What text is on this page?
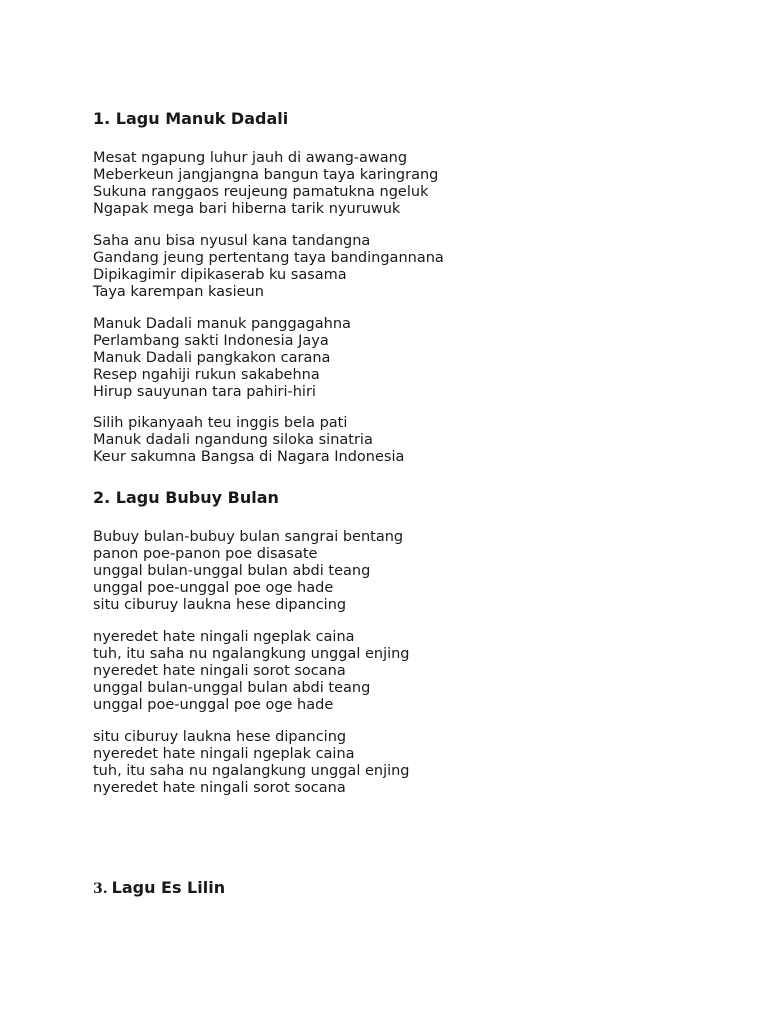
1. Lagu Manuk Dadali

Mesat ngapung luhur jauh di awang-awang
Meberkeun jangjangna bangun taya karingrang
Sukuna ranggaos reujeung pamatukna ngeluk
Ngapak mega bari hiberna tarik nyuruwuk

Saha anu bisa nyusul kana tandangna
Gandang jeung pertentang taya bandingannana
Dipikagimir dipikaserab ku sasama
Taya karempan kasieun

Manuk Dadali manuk panggagahna
Perlambang sakti Indonesia Jaya
Manuk Dadali pangkakon carana
Resep ngahiji rukun sakabehna
Hirup sauyunan tara pahiri-hiri

Silih pikanyaah teu inggis bela pati
Manuk dadali ngandung siloka sinatria
Keur sakumna Bangsa di Nagara Indonesia

2. Lagu Bubuy Bulan

Bubuy bulan-bubuy bulan sangrai bentang
panon poe-panon poe disasate
unggal bulan-unggal bulan abdi teang
unggal poe-unggal poe oge hade
situ ciburuy laukna hese dipancing

nyeredet hate ningali ngeplak caina
tuh, itu saha nu ngalangkung unggal enjing
nyeredet hate ningali sorot socana
unggal bulan-unggal bulan abdi teang
unggal poe-unggal poe oge hade

situ ciburuy laukna hese dipancing
nyeredet hate ningali ngeplak caina
tuh, itu saha nu ngalangkung unggal enjing
nyeredet hate ningali sorot socana

3. Lagu Es Lilin
